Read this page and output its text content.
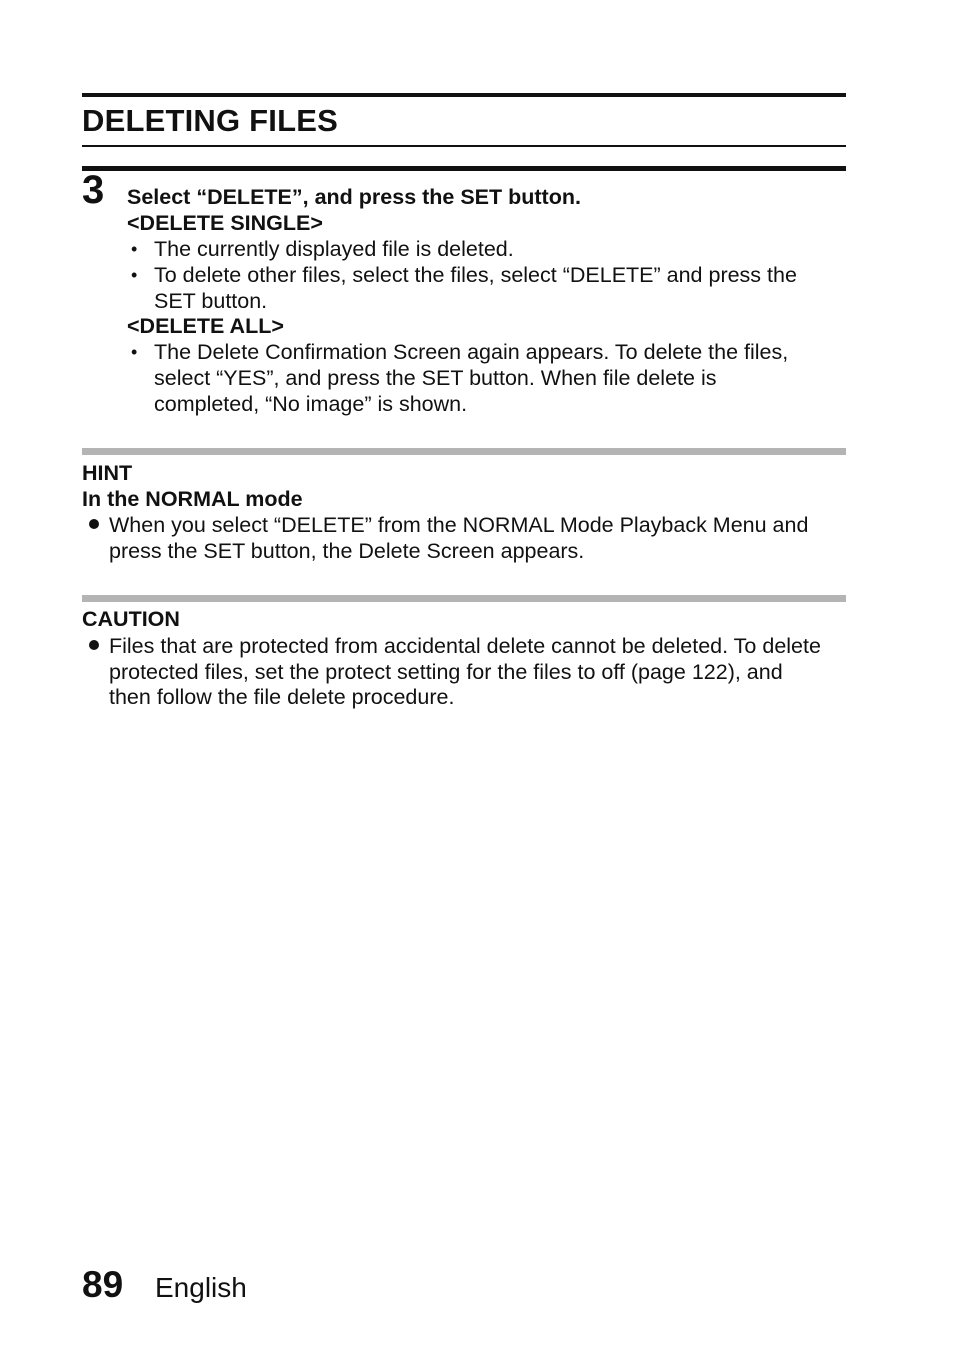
DELETING FILES
3 Select “DELETE”, and press the SET button.
<DELETE SINGLE>
• The currently displayed file is deleted.
• To delete other files, select the files, select “DELETE” and press the
SET button.
<DELETE ALL>
• The Delete Confirmation Screen again appears. To delete the files,
select “YES”, and press the SET button. When file delete is
completed, “No image” is shown.
HINT
In the NORMAL mode
When you select “DELETE” from the NORMAL Mode Playback Menu and
press the SET button, the Delete Screen appears.
CAUTION
Files that are protected from accidental delete cannot be deleted. To delete
protected files, set the protect setting for the files to off (page 122), and
then follow the file delete procedure.
89 English
